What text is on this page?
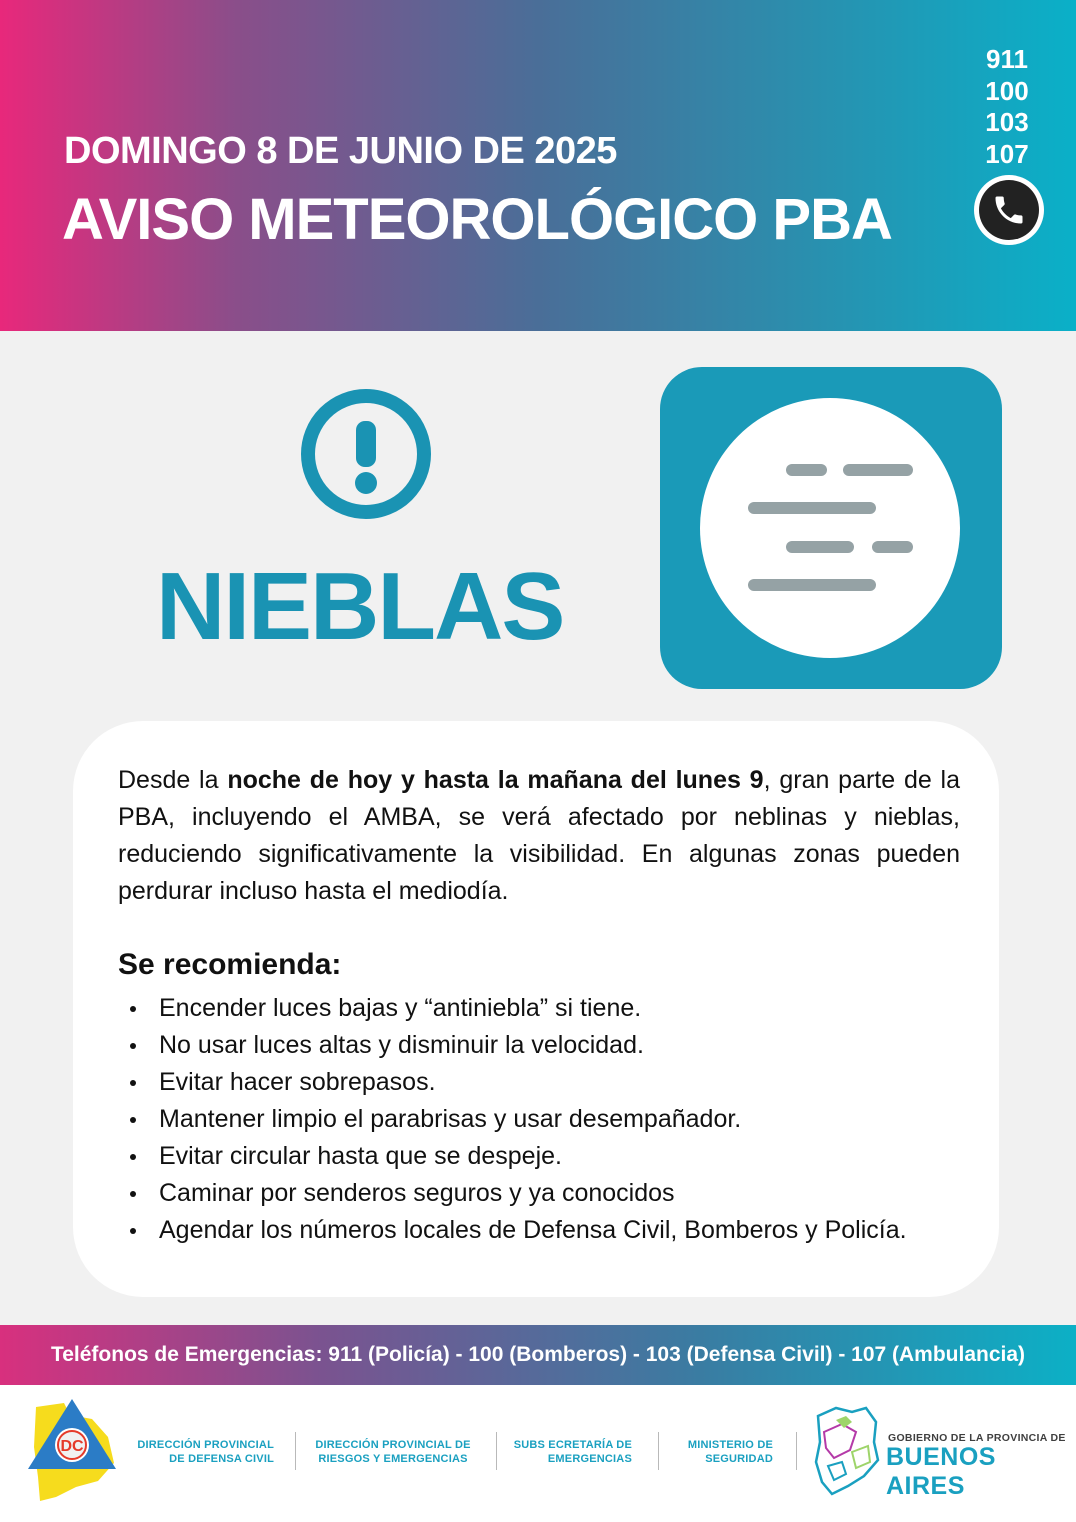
DOMINGO 8 DE JUNIO DE 2025
AVISO METEOROLÓGICO PBA
911
100
103
107
NIEBLAS

Desde la noche de hoy y hasta la mañana del lunes 9, gran parte de la PBA, incluyendo el AMBA, se verá afectado por neblinas y nieblas, reduciendo significativamente la visibilidad. En algunas zonas pueden perdurar incluso hasta el mediodía.

Se recomienda:
Encender luces bajas y “antiniebla” si tiene.
No usar luces altas y disminuir la velocidad.
Evitar hacer sobrepasos.
Mantener limpio el parabrisas y usar desempañador.
Evitar circular hasta que se despeje.
Caminar por senderos seguros y ya conocidos
Agendar los números locales de Defensa Civil, Bomberos y Policía.
Teléfonos de Emergencias: 911 (Policía) - 100 (Bomberos) - 103 (Defensa Civil) - 107 (Ambulancia)
DC	DIRECCIÓN PROVINCIAL
DE DEFENSA CIVIL
DIRECCIÓN PROVINCIAL DE
RIESGOS Y EMERGENCIAS
SUBS ECRETARÍA DE
EMERGENCIAS
MINISTERIO DE
SEGURIDAD
GOBIERNO DE LA PROVINCIA DE
BUENOS AIRES
